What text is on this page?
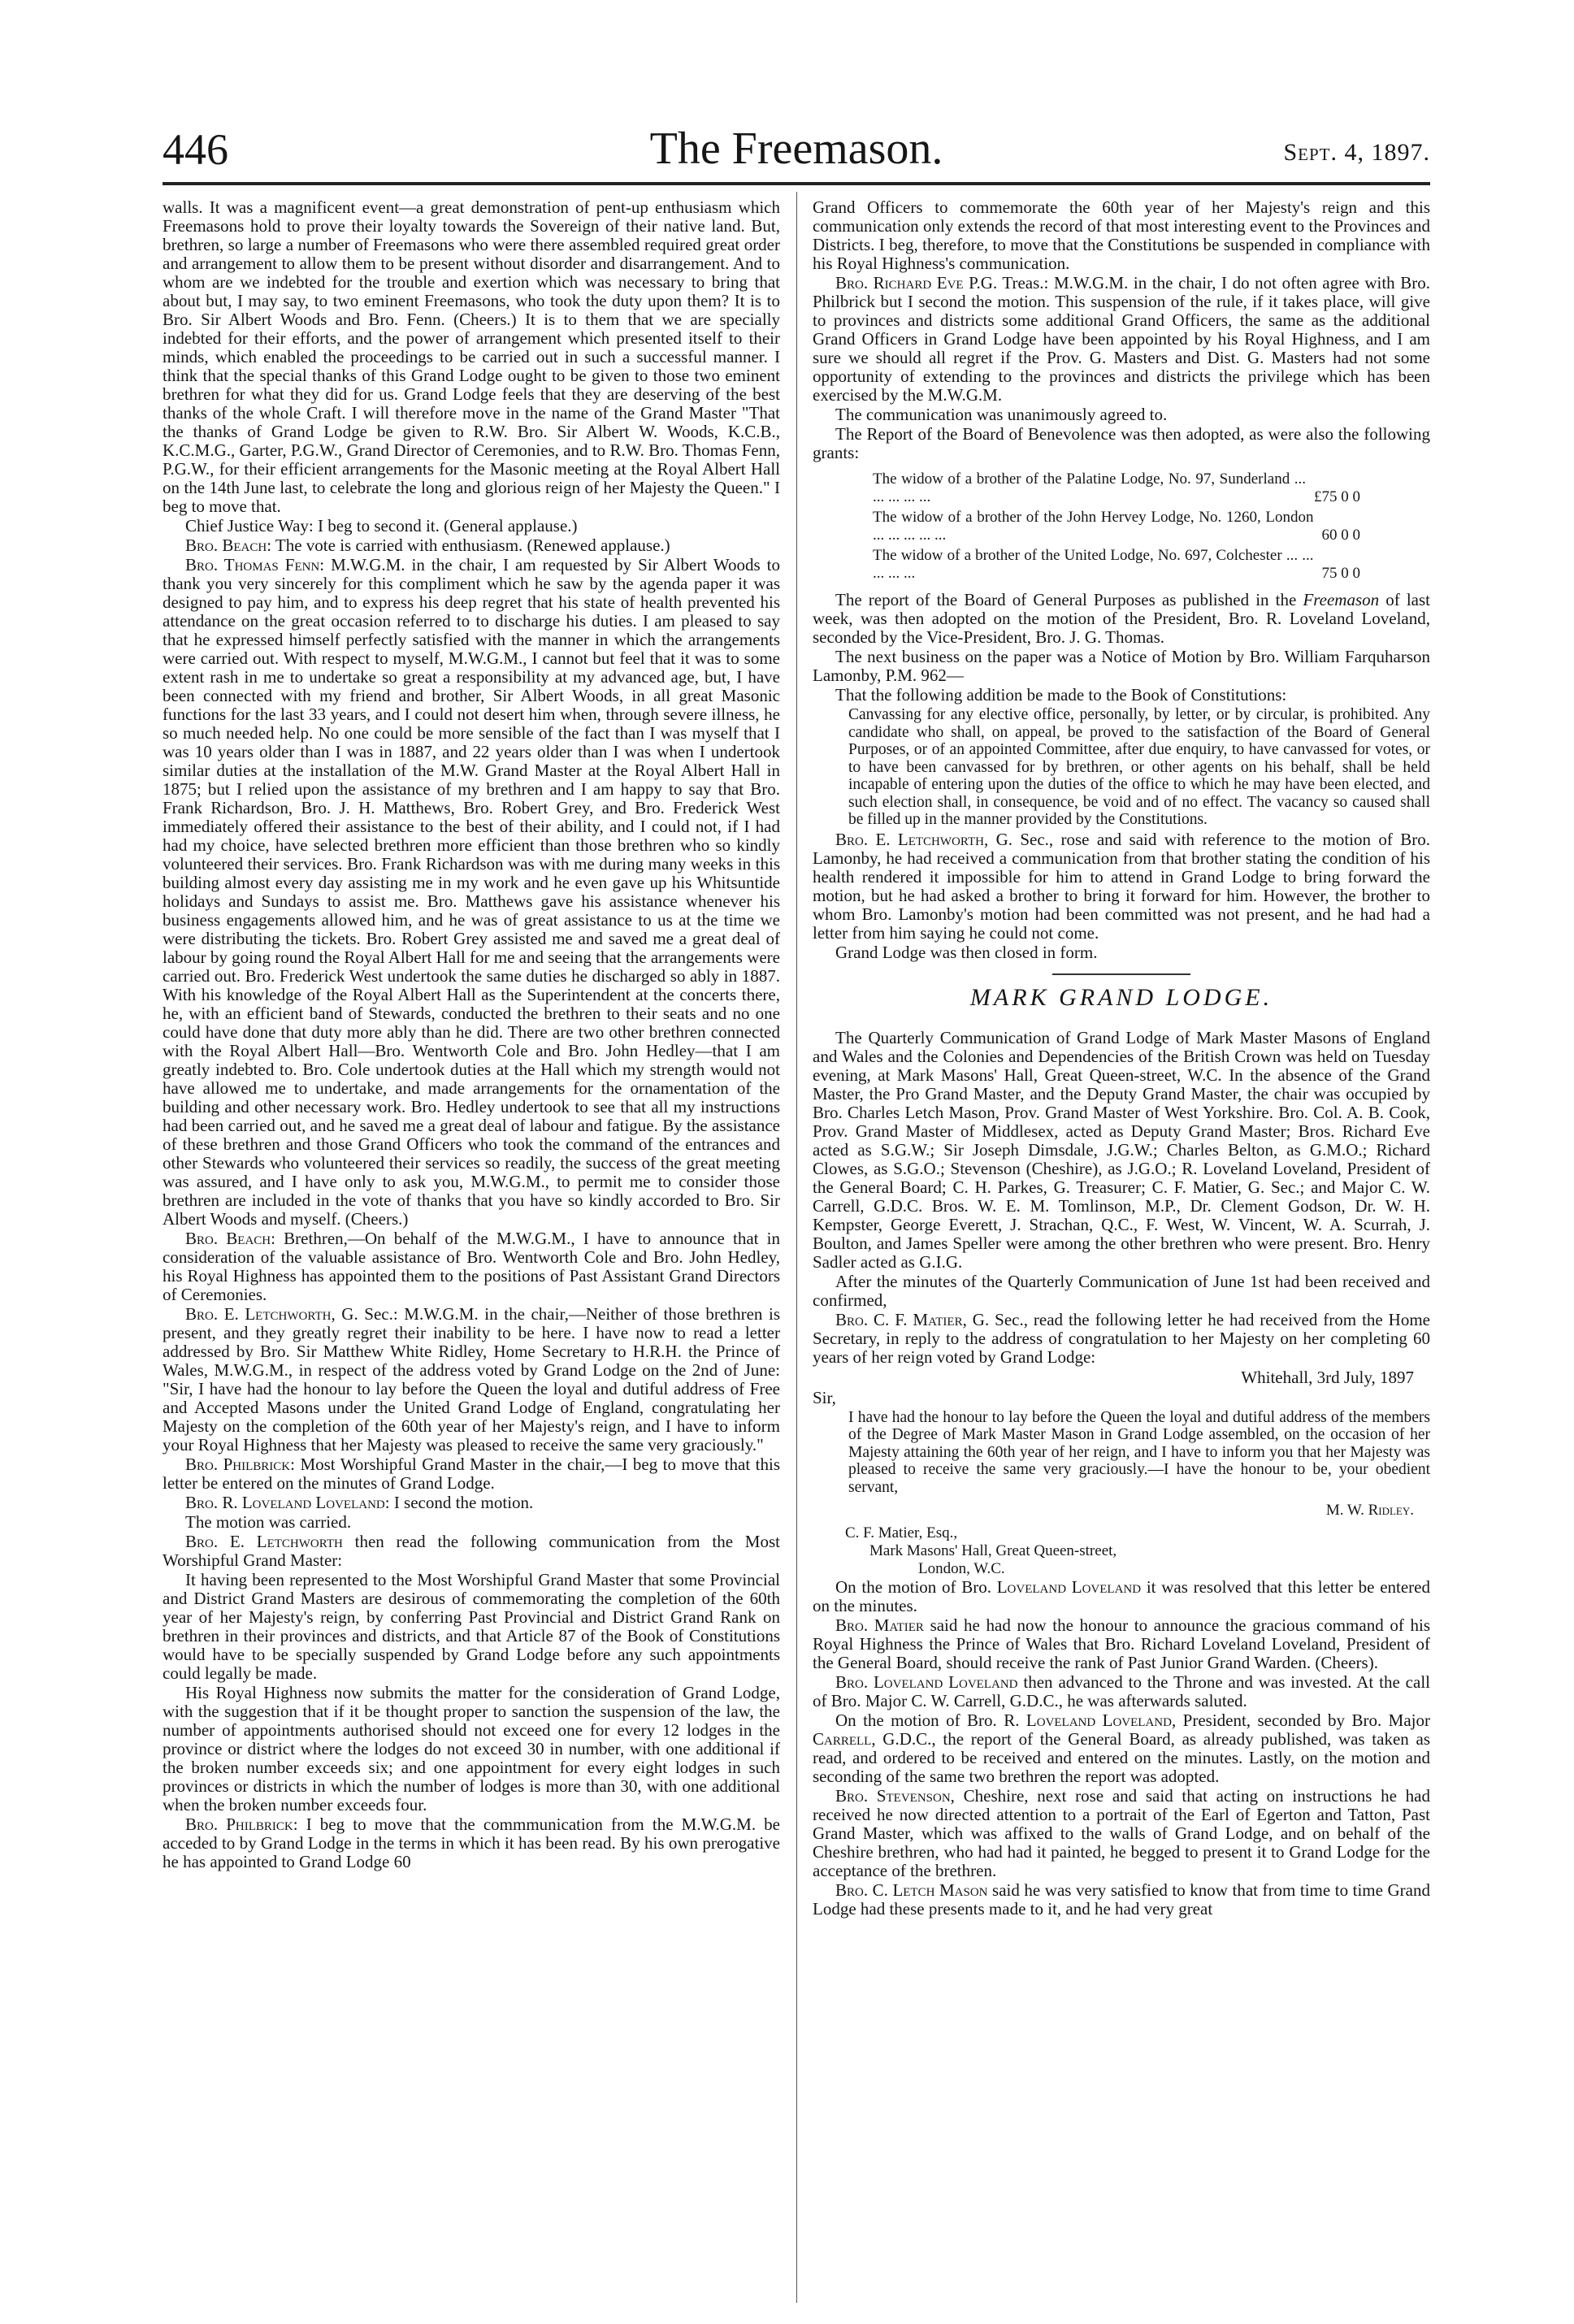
446	The Freemason.	Sept. 4, 1897.

walls. It was a magnificent event—a great demonstration of pent-up enthusiasm which Freemasons hold to prove their loyalty towards the Sovereign of their native land. But, brethren, so large a number of Freemasons who were there assembled required great order and arrangement to allow them to be present without disorder and disarrangement. And to whom are we indebted for the trouble and exertion which was necessary to bring that about but, I may say, to two eminent Freemasons, who took the duty upon them? It is to Bro. Sir Albert Woods and Bro. Fenn. (Cheers.) It is to them that we are specially indebted for their efforts, and the power of arrangement which presented itself to their minds, which enabled the proceedings to be carried out in such a successful manner. I think that the special thanks of this Grand Lodge ought to be given to those two eminent brethren for what they did for us. Grand Lodge feels that they are deserving of the best thanks of the whole Craft. I will therefore move in the name of the Grand Master "That the thanks of Grand Lodge be given to R.W. Bro. Sir Albert W. Woods, K.C.B., K.C.M.G., Garter, P.G.W., Grand Director of Ceremonies, and to R.W. Bro. Thomas Fenn, P.G.W., for their efficient arrangements for the Masonic meeting at the Royal Albert Hall on the 14th June last, to celebrate the long and glorious reign of her Majesty the Queen." I beg to move that.

Chief Justice Way: I beg to second it. (General applause.)

Bro. Beach: The vote is carried with enthusiasm. (Renewed applause.)

Bro. Thomas Fenn: M.W.G.M. in the chair, I am requested by Sir Albert Woods to thank you very sincerely for this compliment which he saw by the agenda paper it was designed to pay him, and to express his deep regret that his state of health prevented his attendance on the great occasion referred to to discharge his duties. I am pleased to say that he expressed himself perfectly satisfied with the manner in which the arrangements were carried out. With respect to myself, M.W.G.M., I cannot but feel that it was to some extent rash in me to undertake so great a responsibility at my advanced age, but, I have been connected with my friend and brother, Sir Albert Woods, in all great Masonic functions for the last 33 years, and I could not desert him when, through severe illness, he so much needed help. No one could be more sensible of the fact than I was myself that I was 10 years older than I was in 1887, and 22 years older than I was when I undertook similar duties at the installation of the M.W. Grand Master at the Royal Albert Hall in 1875; but I relied upon the assistance of my brethren and I am happy to say that Bro. Frank Richardson, Bro. J. H. Matthews, Bro. Robert Grey, and Bro. Frederick West immediately offered their assistance to the best of their ability, and I could not, if I had had my choice, have selected brethren more efficient than those brethren who so kindly volunteered their services. Bro. Frank Richardson was with me during many weeks in this building almost every day assisting me in my work and he even gave up his Whitsuntide holidays and Sundays to assist me. Bro. Matthews gave his assistance whenever his business engagements allowed him, and he was of great assistance to us at the time we were distributing the tickets. Bro. Robert Grey assisted me and saved me a great deal of labour by going round the Royal Albert Hall for me and seeing that the arrangements were carried out. Bro. Frederick West undertook the same duties he discharged so ably in 1887. With his knowledge of the Royal Albert Hall as the Superintendent at the concerts there, he, with an efficient band of Stewards, conducted the brethren to their seats and no one could have done that duty more ably than he did. There are two other brethren connected with the Royal Albert Hall—Bro. Wentworth Cole and Bro. John Hedley—that I am greatly indebted to. Bro. Cole undertook duties at the Hall which my strength would not have allowed me to undertake, and made arrangements for the ornamentation of the building and other necessary work. Bro. Hedley undertook to see that all my instructions had been carried out, and he saved me a great deal of labour and fatigue. By the assistance of these brethren and those Grand Officers who took the command of the entrances and other Stewards who volunteered their services so readily, the success of the great meeting was assured, and I have only to ask you, M.W.G.M., to permit me to consider those brethren are included in the vote of thanks that you have so kindly accorded to Bro. Sir Albert Woods and myself. (Cheers.)

Bro. Beach: Brethren,—On behalf of the M.W.G.M., I have to announce that in consideration of the valuable assistance of Bro. Wentworth Cole and Bro. John Hedley, his Royal Highness has appointed them to the positions of Past Assistant Grand Directors of Ceremonies.

Bro. E. Letchworth, G. Sec.: M.W.G.M. in the chair,—Neither of those brethren is present, and they greatly regret their inability to be here. I have now to read a letter addressed by Bro. Sir Matthew White Ridley, Home Secretary to H.R.H. the Prince of Wales, M.W.G.M., in respect of the address voted by Grand Lodge on the 2nd of June: "Sir, I have had the honour to lay before the Queen the loyal and dutiful address of Free and Accepted Masons under the United Grand Lodge of England, congratulating her Majesty on the completion of the 60th year of her Majesty's reign, and I have to inform your Royal Highness that her Majesty was pleased to receive the same very graciously."

Bro. Philbrick: Most Worshipful Grand Master in the chair,—I beg to move that this letter be entered on the minutes of Grand Lodge.

Bro. R. Loveland Loveland: I second the motion.

The motion was carried.

Bro. E. Letchworth then read the following communication from the Most Worshipful Grand Master:

It having been represented to the Most Worshipful Grand Master that some Provincial and District Grand Masters are desirous of commemorating the completion of the 60th year of her Majesty's reign, by conferring Past Provincial and District Grand Rank on brethren in their provinces and districts, and that Article 87 of the Book of Constitutions would have to be specially suspended by Grand Lodge before any such appointments could legally be made.

His Royal Highness now submits the matter for the consideration of Grand Lodge, with the suggestion that if it be thought proper to sanction the suspension of the law, the number of appointments authorised should not exceed one for every 12 lodges in the province or district where the lodges do not exceed 30 in number, with one additional if the broken number exceeds six; and one appointment for every eight lodges in such provinces or districts in which the number of lodges is more than 30, with one additional when the broken number exceeds four.

Bro. Philbrick: I beg to move that the commmunication from the M.W.G.M. be acceded to by Grand Lodge in the terms in which it has been read. By his own prerogative he has appointed to Grand Lodge 60

Grand Officers to commemorate the 60th year of her Majesty's reign and this communication only extends the record of that most interesting event to the Provinces and Districts. I beg, therefore, to move that the Constitutions be suspended in compliance with his Royal Highness's communication.

Bro. Richard Eve P.G. Treas.: M.W.G.M. in the chair, I do not often agree with Bro. Philbrick but I second the motion. This suspension of the rule, if it takes place, will give to provinces and districts some additional Grand Officers, the same as the additional Grand Officers in Grand Lodge have been appointed by his Royal Highness, and I am sure we should all regret if the Prov. G. Masters and Dist. G. Masters had not some opportunity of extending to the provinces and districts the privilege which has been exercised by the M.W.G.M.

The communication was unanimously agreed to.

The Report of the Board of Benevolence was then adopted, as were also the following grants:

The widow of a brother of the Palatine Lodge, No. 97, Sunderland ... ... ... ... ...	£75 0 0
The widow of a brother of the John Hervey Lodge, No. 1260, London ... ... ... ... ...	60 0 0
The widow of a brother of the United Lodge, No. 697, Colchester ... ... ... ... ...	75 0 0

The report of the Board of General Purposes as published in the Freemason of last week, was then adopted on the motion of the President, Bro. R. Loveland Loveland, seconded by the Vice-President, Bro. J. G. Thomas.

The next business on the paper was a Notice of Motion by Bro. William Farquharson Lamonby, P.M. 962—

That the following addition be made to the Book of Constitutions:

Canvassing for any elective office, personally, by letter, or by circular, is prohibited. Any candidate who shall, on appeal, be proved to the satisfaction of the Board of General Purposes, or of an appointed Committee, after due enquiry, to have canvassed for votes, or to have been canvassed for by brethren, or other agents on his behalf, shall be held incapable of entering upon the duties of the office to which he may have been elected, and such election shall, in consequence, be void and of no effect. The vacancy so caused shall be filled up in the manner provided by the Constitutions.

Bro. E. Letchworth, G. Sec., rose and said with reference to the motion of Bro. Lamonby, he had received a communication from that brother stating the condition of his health rendered it impossible for him to attend in Grand Lodge to bring forward the motion, but he had asked a brother to bring it forward for him. However, the brother to whom Bro. Lamonby's motion had been committed was not present, and he had had a letter from him saying he could not come.

Grand Lodge was then closed in form.

MARK GRAND LODGE.

The Quarterly Communication of Grand Lodge of Mark Master Masons of England and Wales and the Colonies and Dependencies of the British Crown was held on Tuesday evening, at Mark Masons' Hall, Great Queen-street, W.C. In the absence of the Grand Master, the Pro Grand Master, and the Deputy Grand Master, the chair was occupied by Bro. Charles Letch Mason, Prov. Grand Master of West Yorkshire. Bro. Col. A. B. Cook, Prov. Grand Master of Middlesex, acted as Deputy Grand Master; Bros. Richard Eve acted as S.G.W.; Sir Joseph Dimsdale, J.G.W.; Charles Belton, as G.M.O.; Richard Clowes, as S.G.O.; Stevenson (Cheshire), as J.G.O.; R. Loveland Loveland, President of the General Board; C. H. Parkes, G. Treasurer; C. F. Matier, G. Sec.; and Major C. W. Carrell, G.D.C. Bros. W. E. M. Tomlinson, M.P., Dr. Clement Godson, Dr. W. H. Kempster, George Everett, J. Strachan, Q.C., F. West, W. Vincent, W. A. Scurrah, J. Boulton, and James Speller were among the other brethren who were present. Bro. Henry Sadler acted as G.I.G.

After the minutes of the Quarterly Communication of June 1st had been received and confirmed,

Bro. C. F. Matier, G. Sec., read the following letter he had received from the Home Secretary, in reply to the address of congratulation to her Majesty on her completing 60 years of her reign voted by Grand Lodge:

Whitehall, 3rd July, 1897
Sir,

I have had the honour to lay before the Queen the loyal and dutiful address of the members of the Degree of Mark Master Mason in Grand Lodge assembled, on the occasion of her Majesty attaining the 60th year of her reign, and I have to inform you that her Majesty was pleased to receive the same very graciously.—I have the honour to be, your obedient servant,

M. W. Ridley.
C. F. Matier, Esq.,
Mark Masons' Hall, Great Queen-street,
London, W.C.

On the motion of Bro. Loveland Loveland it was resolved that this letter be entered on the minutes.

Bro. Matier said he had now the honour to announce the gracious command of his Royal Highness the Prince of Wales that Bro. Richard Loveland Loveland, President of the General Board, should receive the rank of Past Junior Grand Warden. (Cheers).

Bro. Loveland Loveland then advanced to the Throne and was invested. At the call of Bro. Major C. W. Carrell, G.D.C., he was afterwards saluted.

On the motion of Bro. R. Loveland Loveland, President, seconded by Bro. Major Carrell, G.D.C., the report of the General Board, as already published, was taken as read, and ordered to be received and entered on the minutes. Lastly, on the motion and seconding of the same two brethren the report was adopted.

Bro. Stevenson, Cheshire, next rose and said that acting on instructions he had received he now directed attention to a portrait of the Earl of Egerton and Tatton, Past Grand Master, which was affixed to the walls of Grand Lodge, and on behalf of the Cheshire brethren, who had had it painted, he begged to present it to Grand Lodge for the acceptance of the brethren.

Bro. C. Letch Mason said he was very satisfied to know that from time to time Grand Lodge had these presents made to it, and he had very great
